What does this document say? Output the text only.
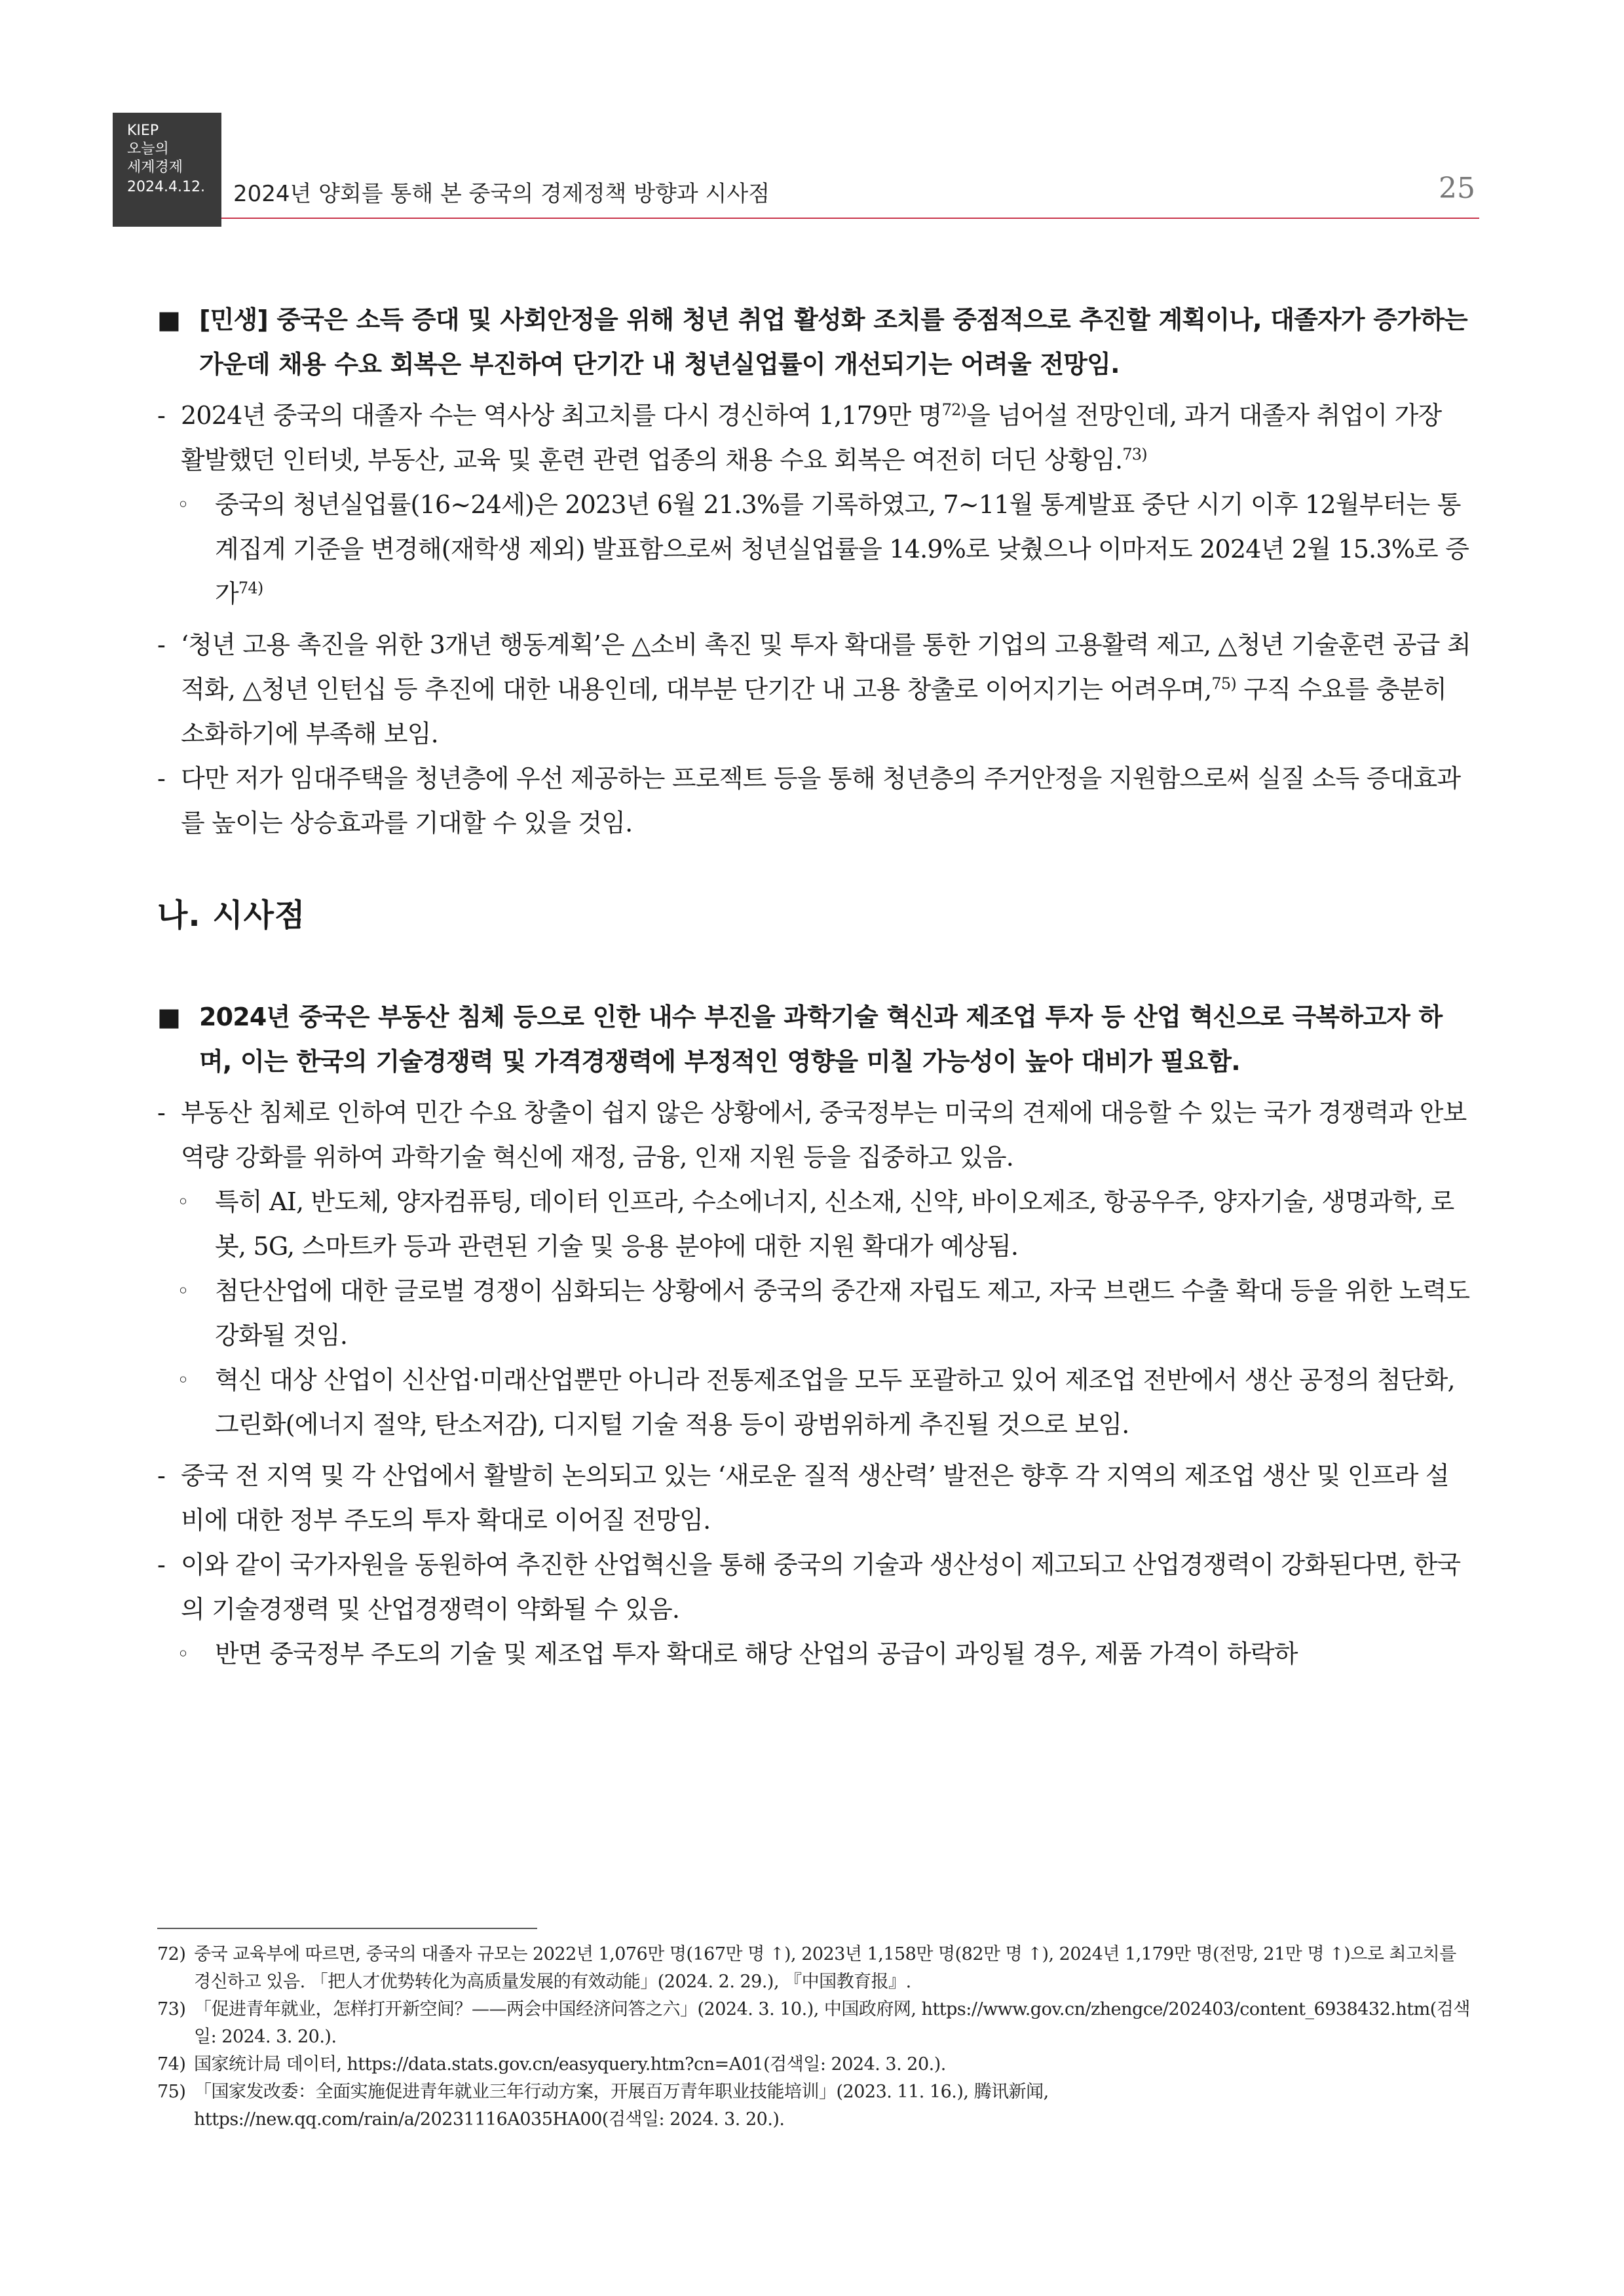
KIEP
오늘의
세계경제
2024.4.12.	2024년 양회를 통해 본 중국의 경제정책 방향과 시사점	25
■ [민생] 중국은 소득 증대 및 사회안정을 위해 청년 취업 활성화 조치를 중점적으로 추진할 계획이나, 대졸자가 증가하는 가운데 채용 수요 회복은 부진하여 단기간 내 청년실업률이 개선되기는 어려울 전망임.
- 2024년 중국의 대졸자 수는 역사상 최고치를 다시 경신하여 1,179만 명$^{72)}$을 넘어설 전망인데, 과거 대졸자 취업이 가장 활발했던 인터넷, 부동산, 교육 및 훈련 관련 업종의 채용 수요 회복은 여전히 더딘 상황임.$^{73)}$
◦ 중국의 청년실업률(16~24세)은 2023년 6월 21.3%를 기록하였고, 7~11월 통계발표 중단 시기 이후 12월부터는 통계집계 기준을 변경해(재학생 제외) 발표함으로써 청년실업률을 14.9%로 낮췄으나 이마저도 2024년 2월 15.3%로 증가$^{74)}$
- ‘청년 고용 촉진을 위한 3개년 행동계획’은 △소비 촉진 및 투자 확대를 통한 기업의 고용활력 제고, △청년 기술훈련 공급 최적화, △청년 인턴십 등 추진에 대한 내용인데, 대부분 단기간 내 고용 창출로 이어지기는 어려우며,$^{75)}$ 구직 수요를 충분히 소화하기에 부족해 보임.
- 다만 저가 임대주택을 청년층에 우선 제공하는 프로젝트 등을 통해 청년층의 주거안정을 지원함으로써 실질 소득 증대효과를 높이는 상승효과를 기대할 수 있을 것임.
나. 시사점
■ 2024년 중국은 부동산 침체 등으로 인한 내수 부진을 과학기술 혁신과 제조업 투자 등 산업 혁신으로 극복하고자 하며, 이는 한국의 기술경쟁력 및 가격경쟁력에 부정적인 영향을 미칠 가능성이 높아 대비가 필요함.
- 부동산 침체로 인하여 민간 수요 창출이 쉽지 않은 상황에서, 중국정부는 미국의 견제에 대응할 수 있는 국가 경쟁력과 안보역량 강화를 위하여 과학기술 혁신에 재정, 금융, 인재 지원 등을 집중하고 있음.
◦ 특히 AI, 반도체, 양자컴퓨팅, 데이터 인프라, 수소에너지, 신소재, 신약, 바이오제조, 항공우주, 양자기술, 생명과학, 로봇, 5G, 스마트카 등과 관련된 기술 및 응용 분야에 대한 지원 확대가 예상됨.
◦ 첨단산업에 대한 글로벌 경쟁이 심화되는 상황에서 중국의 중간재 자립도 제고, 자국 브랜드 수출 확대 등을 위한 노력도 강화될 것임.
◦ 혁신 대상 산업이 신산업·미래산업뿐만 아니라 전통제조업을 모두 포괄하고 있어 제조업 전반에서 생산 공정의 첨단화, 그린화(에너지 절약, 탄소저감), 디지털 기술 적용 등이 광범위하게 추진될 것으로 보임.
- 중국 전 지역 및 각 산업에서 활발히 논의되고 있는 ‘새로운 질적 생산력’ 발전은 향후 각 지역의 제조업 생산 및 인프라 설비에 대한 정부 주도의 투자 확대로 이어질 전망임.
- 이와 같이 국가자원을 동원하여 추진한 산업혁신을 통해 중국의 기술과 생산성이 제고되고 산업경쟁력이 강화된다면, 한국의 기술경쟁력 및 산업경쟁력이 약화될 수 있음.
◦ 반면 중국정부 주도의 기술 및 제조업 투자 확대로 해당 산업의 공급이 과잉될 경우, 제품 가격이 하락하
72) 중국 교육부에 따르면, 중국의 대졸자 규모는 2022년 1,076만 명(167만 명 ↑), 2023년 1,158만 명(82만 명 ↑), 2024년 1,179만 명(전망, 21만 명 ↑)으로 최고치를 경신하고 있음. 「把人才优势转化为高质量发展的有效动能」(2024. 2. 29.), 『中国教育报』.
73) 「促进青年就业，怎样打开新空间？——两会中国经济问答之六」(2024. 3. 10.), 中国政府网, https://www.gov.cn/zhengce/202403/content_6938432.htm(검색일: 2024. 3. 20.).
74) 国家统计局 데이터, https://data.stats.gov.cn/easyquery.htm?cn=A01(검색일: 2024. 3. 20.).
75) 「国家发改委：全面实施促进青年就业三年行动方案，开展百万青年职业技能培训」(2023. 11. 16.), 腾讯新闻, https://new.qq.com/rain/a/20231116A035HA00(검색일: 2024. 3. 20.).
